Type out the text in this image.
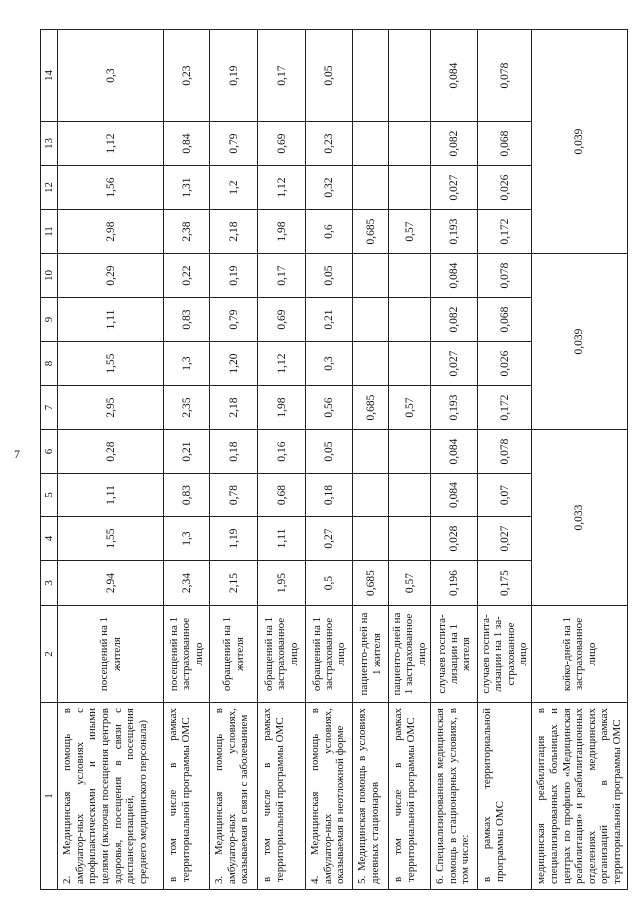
7
1	2	3	4	5	6	7	8	9	10	11	12	13	14
2. Медицинская помощь в амбулатор-ных условиях с профилактическими и иными целями (включая посещения центров здоровья, посещения в связи с диспансеризацией, посещения среднего медицинского персонала)	посещений на 1 жителя	2,94	1,55	1,11	0,28	2,95	1,55	1,11	0,29	2,98	1,56	1,12	0,3
в том числе в рамках территориальной программы ОМС	посещений на 1 застрахованное лицо	2,34	1,3	0,83	0,21	2,35	1,3	0,83	0,22	2,38	1,31	0,84	0,23
3. Медицинская помощь в амбулатор-ных условиях, оказываемая в связи с заболеванием	обращений на 1 жителя	2,15	1,19	0,78	0,18	2,18	1,20	0,79	0,19	2,18	1,2	0,79	0,19
в том числе в рамках территориальной программы ОМС	обращений на 1 застрахованное лицо	1,95	1,11	0,68	0,16	1,98	1,12	0,69	0,17	1,98	1,12	0,69	0,17
4. Медицинская помощь в амбулатор-ных условиях, оказываемая в неотложной форме	обращений на 1 застрахованное лицо	0,5	0,27	0,18	0,05	0,56	0,3	0,21	0,05	0,6	0,32	0,23	0,05
5. Медицинская помощь в условиях дневных стационаров	пациенто-дней на 1 жителя	0,685				0,685				0,685			
в том числе в рамках территориальной программы ОМС	пациенто-дней на 1 застрахованное лицо	0,57				0,57				0,57			
6. Специализированная медицинская помощь в стационарных условиях, в том числе:	случаев госпита-лизации на 1 жителя	0,196	0,028	0,084	0,084	0,193	0,027	0,082	0,084	0,193	0,027	0,082	0,084
в рамках территориальной программы ОМС	случаев госпита-лизации на 1 за-страхованное лицо	0,175	0,027	0,07	0,078	0,172	0,026	0,068	0,078	0,172	0,026	0,068	0,078
медицинская реабилитация в специализированных больницах и центрах по профилю «Медицинская реабилитация» и реабилитационных отделениях медицинских организаций в рамках территориальной программы ОМС	койко-дней на 1 застрахованное лицо	0,033				0,039				0,039			
